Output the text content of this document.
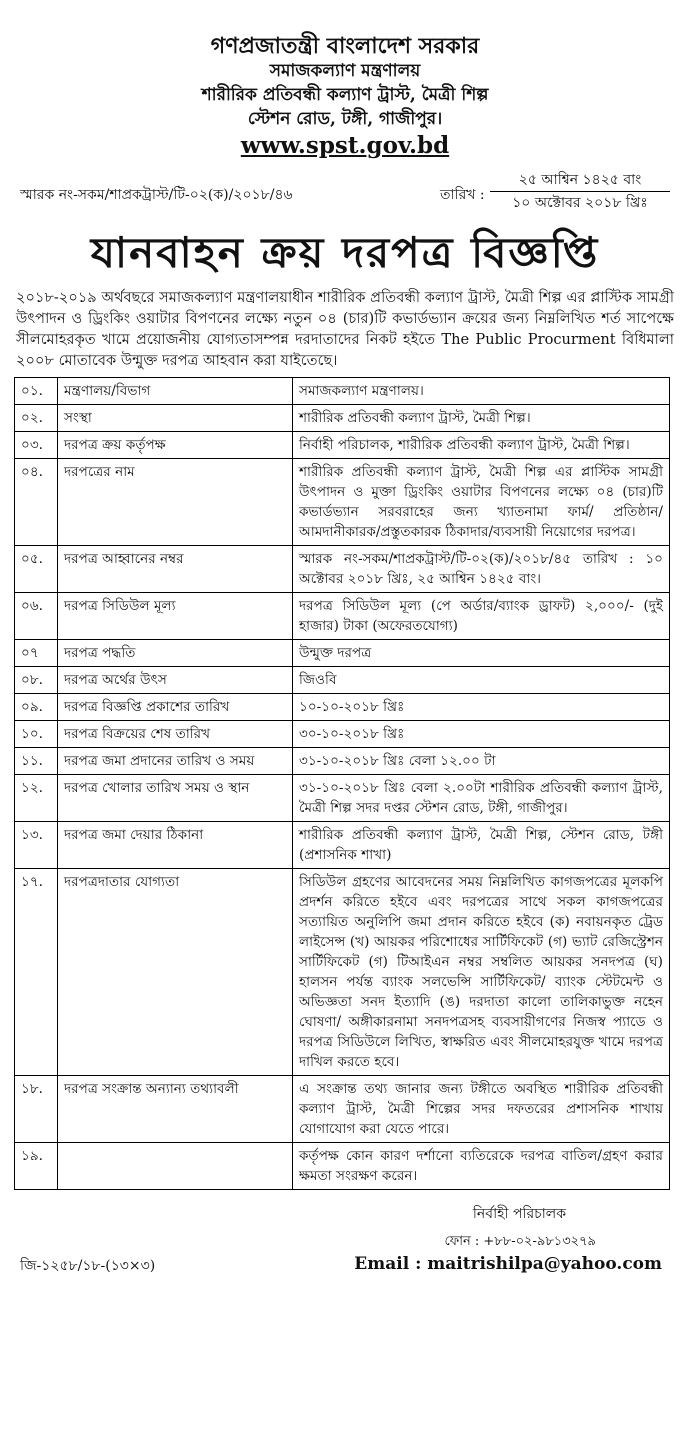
গণপ্রজাতন্ত্রী বাংলাদেশ সরকার
সমাজকল্যাণ মন্ত্রণালয়
শারীরিক প্রতিবন্ধী কল্যাণ ট্রাস্ট, মৈত্রী শিল্প
স্টেশন রোড, টঙ্গী, গাজীপুর।
www.spst.gov.bd
স্মারক নং-সকম/শাপ্রকট্রাস্ট/টি-০২(ক)/২০১৮/৪৬	তারিখ :
২৫ আশ্বিন ১৪২৫ বাং
১০ অক্টোবর ২০১৮ খ্রিঃ
যানবাহন ক্রয় দরপত্র বিজ্ঞপ্তি
২০১৮-২০১৯ অর্থবছরে সমাজকল্যাণ মন্ত্রণালয়াধীন শারীরিক প্রতিবন্ধী কল্যাণ ট্রাস্ট, মৈত্রী শিল্প এর প্লাস্টিক সামগ্রী উৎপাদন ও ড্রিংকিং ওয়াটার বিপণনের লক্ষ্যে নতুন ০৪ (চার)টি কভার্ডভ্যান ক্রয়ের জন্য নিম্নলিখিত শর্ত সাপেক্ষে সীলমোহরকৃত খামে প্রয়োজনীয় যোগ্যতাসম্পন্ন দরদাতাদের নিকট হইতে The Public Procurment বিধিমালা ২০০৮ মোতাবেক উন্মুক্ত দরপত্র আহবান করা যাইতেছে।
০১.	মন্ত্রণালয়/বিভাগ	সমাজকল্যাণ মন্ত্রণালয়।
০২.	সংস্থা	শারীরিক প্রতিবন্ধী কল্যাণ ট্রাস্ট, মৈত্রী শিল্প।
০৩.	দরপত্র ক্রয় কর্তৃপক্ষ	নির্বাহী পরিচালক, শারীরিক প্রতিবন্ধী কল্যাণ ট্রাস্ট, মৈত্রী শিল্প।
০৪.	দরপত্রের নাম	শারীরিক প্রতিবন্ধী কল্যাণ ট্রাস্ট, মৈত্রী শিল্প এর প্লাস্টিক সামগ্রী উৎপাদন ও মুক্তা ড্রিংকিং ওয়াটার বিপণনের লক্ষ্যে ০৪ (চার)টি কভার্ডভ্যান সরবরাহের জন্য খ্যাতনামা ফার্ম/ প্রতিষ্ঠান/ আমদানীকারক/প্রস্তুতকারক ঠিকাদার/ব্যবসায়ী নিয়োগের দরপত্র।
০৫.	দরপত্র আহ্বানের নম্বর	স্মারক নং-সকম/শাপ্রকট্রাস্ট/টি-০২(ক)/২০১৮/৪৫ তারিখ : ১০ অক্টোবর ২০১৮ খ্রিঃ, ২৫ আশ্বিন ১৪২৫ বাং।
০৬.	দরপত্র সিডিউল মূল্য	দরপত্র সিডিউল মূল্য (পে অর্ডার/ব্যাংক ড্রাফট) ২,০০০/- (দুই হাজার) টাকা (অফেরতযোগ্য)
০৭	দরপত্র পদ্ধতি	উন্মুক্ত দরপত্র
০৮.	দরপত্র অর্থের উৎস	জিওবি
০৯.	দরপত্র বিজ্ঞপ্তি প্রকাশের তারিখ	১০-১০-২০১৮ খ্রিঃ
১০.	দরপত্র বিক্রয়ের শেষ তারিখ	৩০-১০-২০১৮ খ্রিঃ
১১.	দরপত্র জমা প্রদানের তারিখ ও সময়	৩১-১০-২০১৮ খ্রিঃ বেলা ১২.০০ টা
১২.	দরপত্র খোলার তারিখ সময় ও স্থান	৩১-১০-২০১৮ খ্রিঃ বেলা ২.০০টা শারীরিক প্রতিবন্ধী কল্যাণ ট্রাস্ট, মৈত্রী শিল্প সদর দপ্তর স্টেশন রোড, টঙ্গী, গাজীপুর।
১৩.	দরপত্র জমা দেয়ার ঠিকানা	শারীরিক প্রতিবন্ধী কল্যাণ ট্রাস্ট, মৈত্রী শিল্প, স্টেশন রোড, টঙ্গী (প্রশাসনিক শাখা)
১৭.	দরপত্রদাতার যোগ্যতা	সিডিউল গ্রহণের আবেদনের সময় নিম্নলিখিত কাগজপত্রের মূলকপি প্রদর্শন করিতে হইবে এবং দরপত্রের সাথে সকল কাগজপত্রের সত্যায়িত অনুলিপি জমা প্রদান করিতে হইবে (ক) নবায়নকৃত ট্রেড লাইসেন্স (খ) আয়কর পরিশোধের সার্টিফিকেট (গ) ভ্যাট রেজিস্ট্রেশন সার্টিফিকেট (গ) টিআইএন নম্বর সম্বলিত আয়কর সনদপত্র (ঘ) হালসন পর্যন্ত ব্যাংক সলভেন্সি সার্টিফিকেট/ ব্যাংক স্টেটমেন্ট ও অভিজ্ঞতা সনদ ইত্যাদি (ঙ) দরদাতা কালো তালিকাভুক্ত নহেন ঘোষণা/ অঙ্গীকারনামা সনদপত্রসহ ব্যবসায়ীগণের নিজস্ব প্যাডে ও দরপত্র সিডিউলে লিখিত, স্বাক্ষরিত এবং সীলমোহরযুক্ত খামে দরপত্র দাখিল করতে হবে।
১৮.	দরপত্র সংক্রান্ত অন্যান্য তথ্যাবলী	এ সংক্রান্ত তথ্য জানার জন্য টঙ্গীতে অবস্থিত শারীরিক প্রতিবন্ধী কল্যাণ ট্রাস্ট, মৈত্রী শিল্পের সদর দফতরের প্রশাসনিক শাখায় যোগাযোগ করা যেতে পারে।
১৯.		কর্তৃপক্ষ কোন কারণ দর্শানো ব্যতিরেকে দরপত্র বাতিল/গ্রহণ করার ক্ষমতা সংরক্ষণ করেন।
নির্বাহী পরিচালক
ফোন : +৮৮-০২-৯৮১৩২৭৯
জি-১২৫৮/১৮-(১৩×৩)	Email : maitrishilpa@yahoo.com
